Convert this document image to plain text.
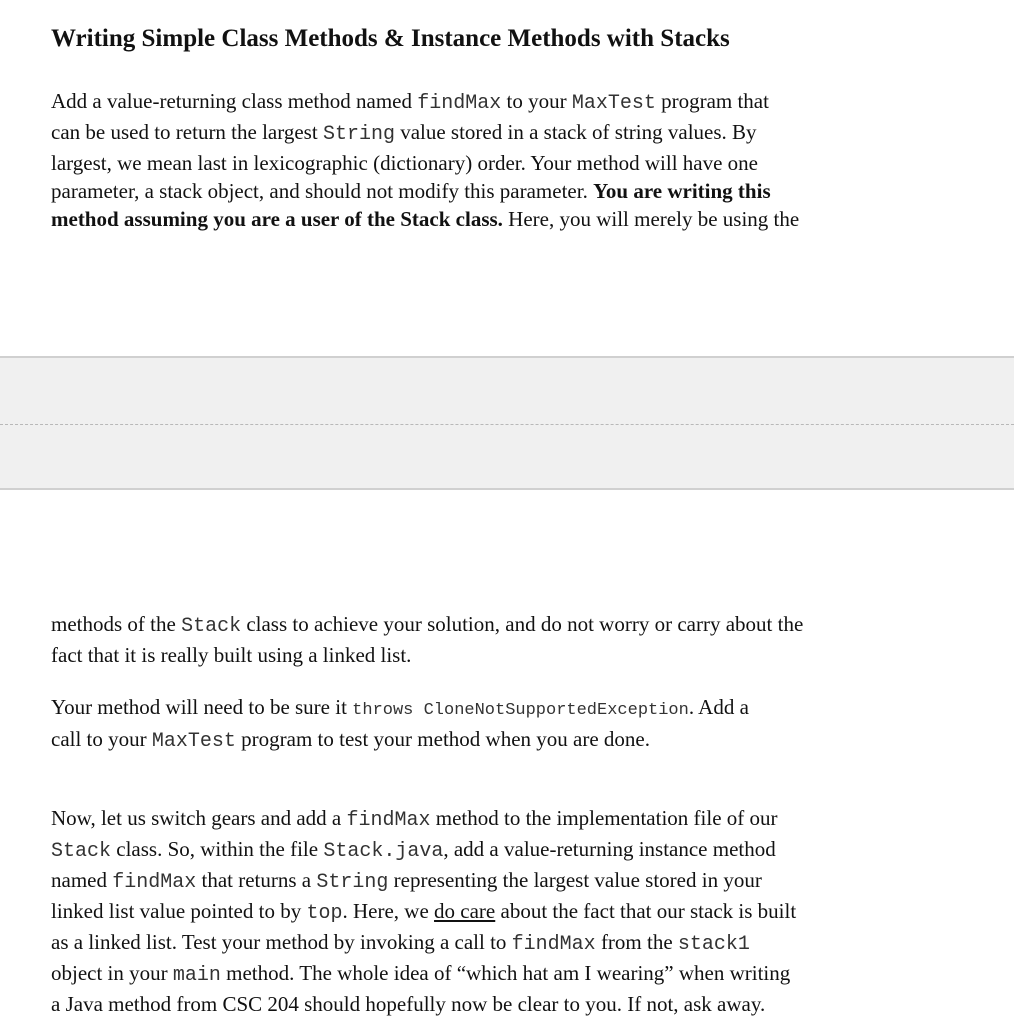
Writing Simple Class Methods & Instance Methods with Stacks

Add a value-returning class method named findMax to your MaxTest program that
can be used to return the largest String value stored in a stack of string values. By
largest, we mean last in lexicographic (dictionary) order. Your method will have one
parameter, a stack object, and should not modify this parameter. You are writing this
method assuming you are a user of the Stack class. Here, you will merely be using the

methods of the Stack class to achieve your solution, and do not worry or carry about the
fact that it is really built using a linked list.

Your method will need to be sure it throws CloneNotSupportedException. Add a
call to your MaxTest program to test your method when you are done.

Now, let us switch gears and add a findMax method to the implementation file of our
Stack class. So, within the file Stack.java, add a value-returning instance method
named findMax that returns a String representing the largest value stored in your
linked list value pointed to by top. Here, we do care about the fact that our stack is built
as a linked list. Test your method by invoking a call to findMax from the stack1
object in your main method. The whole idea of “which hat am I wearing” when writing
a Java method from CSC 204 should hopefully now be clear to you. If not, ask away.
